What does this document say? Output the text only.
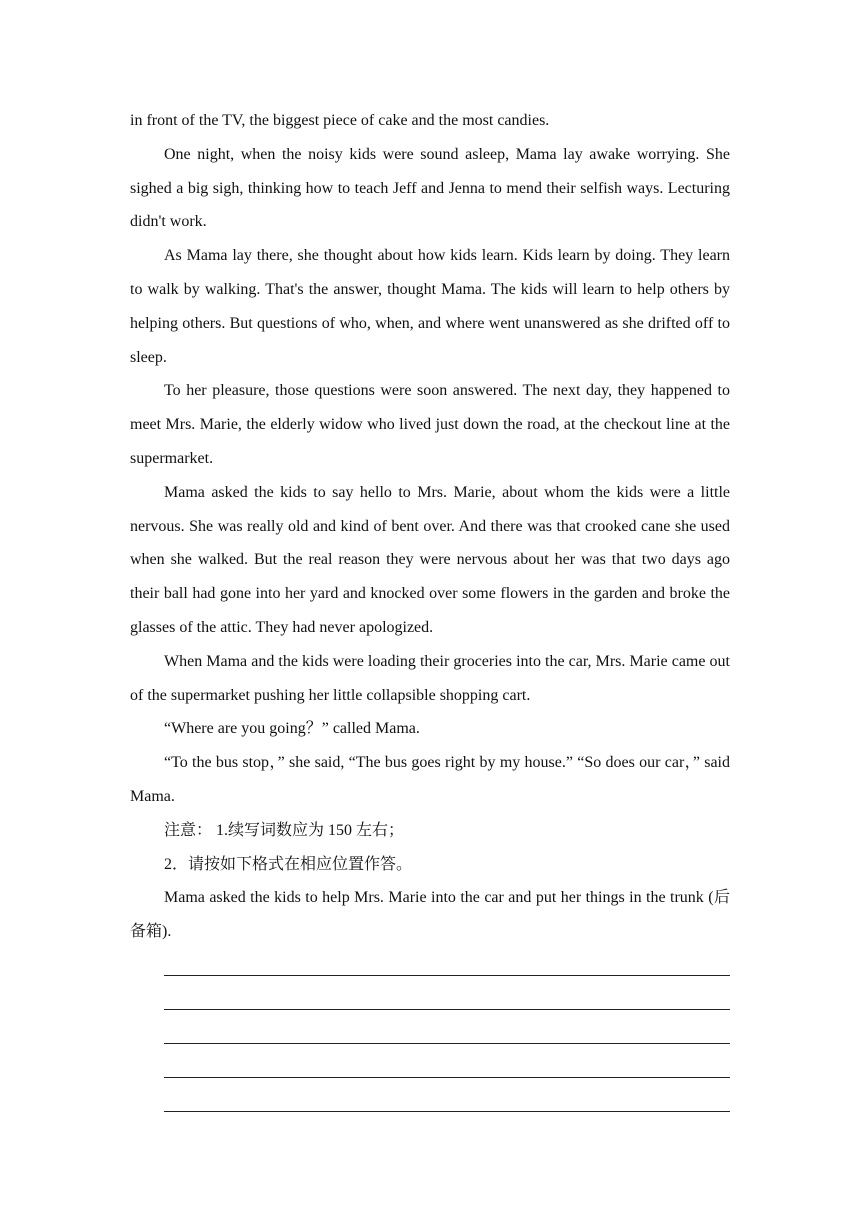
in front of the TV, the biggest piece of cake and the most candies.

One night, when the noisy kids were sound asleep, Mama lay awake worrying. She sighed a big sigh, thinking how to teach Jeff and Jenna to mend their selfish ways. Lecturing didn't work.

As Mama lay there, she thought about how kids learn. Kids learn by doing. They learn to walk by walking. That's the answer, thought Mama. The kids will learn to help others by helping others. But questions of who, when, and where went unanswered as she drifted off to sleep.

To her pleasure, those questions were soon answered. The next day, they happened to meet Mrs. Marie, the elderly widow who lived just down the road, at the checkout line at the supermarket.

Mama asked the kids to say hello to Mrs. Marie, about whom the kids were a little nervous. She was really old and kind of bent over. And there was that crooked cane she used when she walked. But the real reason they were nervous about her was that two days ago their ball had gone into her yard and knocked over some flowers in the garden and broke the glasses of the attic. They had never apologized.

When Mama and the kids were loading their groceries into the car, Mrs. Marie came out of the supermarket pushing her little collapsible shopping cart.

“Where are you going？” called Mama.

“To the bus stop，” she said, “The bus goes right by my house.” “So does our car，” said Mama.

注意： 1.续写词数应为 150 左右；

2．请按如下格式在相应位置作答。

Mama asked the kids to help Mrs. Marie into the car and put her things in the trunk (后备箱).
